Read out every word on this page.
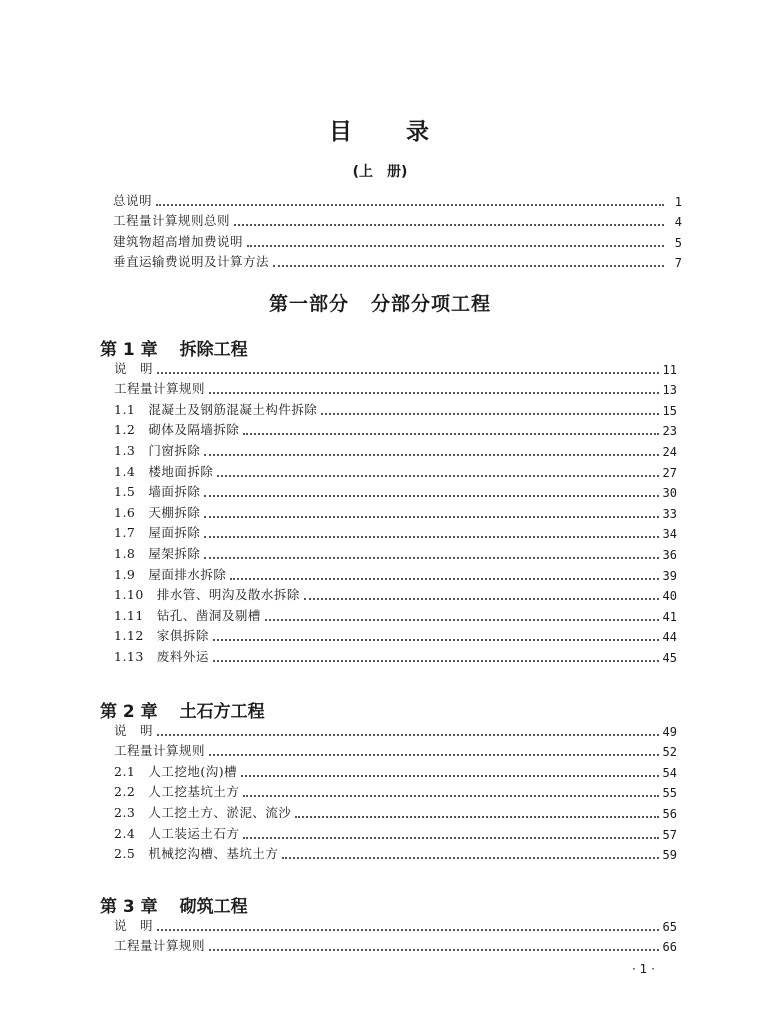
目 录
(上　册)
总说明	1
工程量计算规则总则	4
建筑物超高增加费说明	5
垂直运输费说明及计算方法	7
第一部分 分部分项工程
第 1 章 拆除工程
说　明	11
工程量计算规则	13
1.1　混凝土及钢筋混凝土构件拆除	15
1.2　砌体及隔墙拆除	23
1.3　门窗拆除	24
1.4　楼地面拆除	27
1.5　墙面拆除	30
1.6　天棚拆除	33
1.7　屋面拆除	34
1.8　屋架拆除	36
1.9　屋面排水拆除	39
1.10　排水管、明沟及散水拆除	40
1.11　钻孔、凿洞及剔槽	41
1.12　家俱拆除	44
1.13　废料外运	45
第 2 章 土石方工程
说　明	49
工程量计算规则	52
2.1　人工挖地(沟)槽	54
2.2　人工挖基坑土方	55
2.3　人工挖土方、淤泥、流沙	56
2.4　人工装运土石方	57
2.5　机械挖沟槽、基坑土方	59
第 3 章 砌筑工程
说　明	65
工程量计算规则	66
· 1 ·
